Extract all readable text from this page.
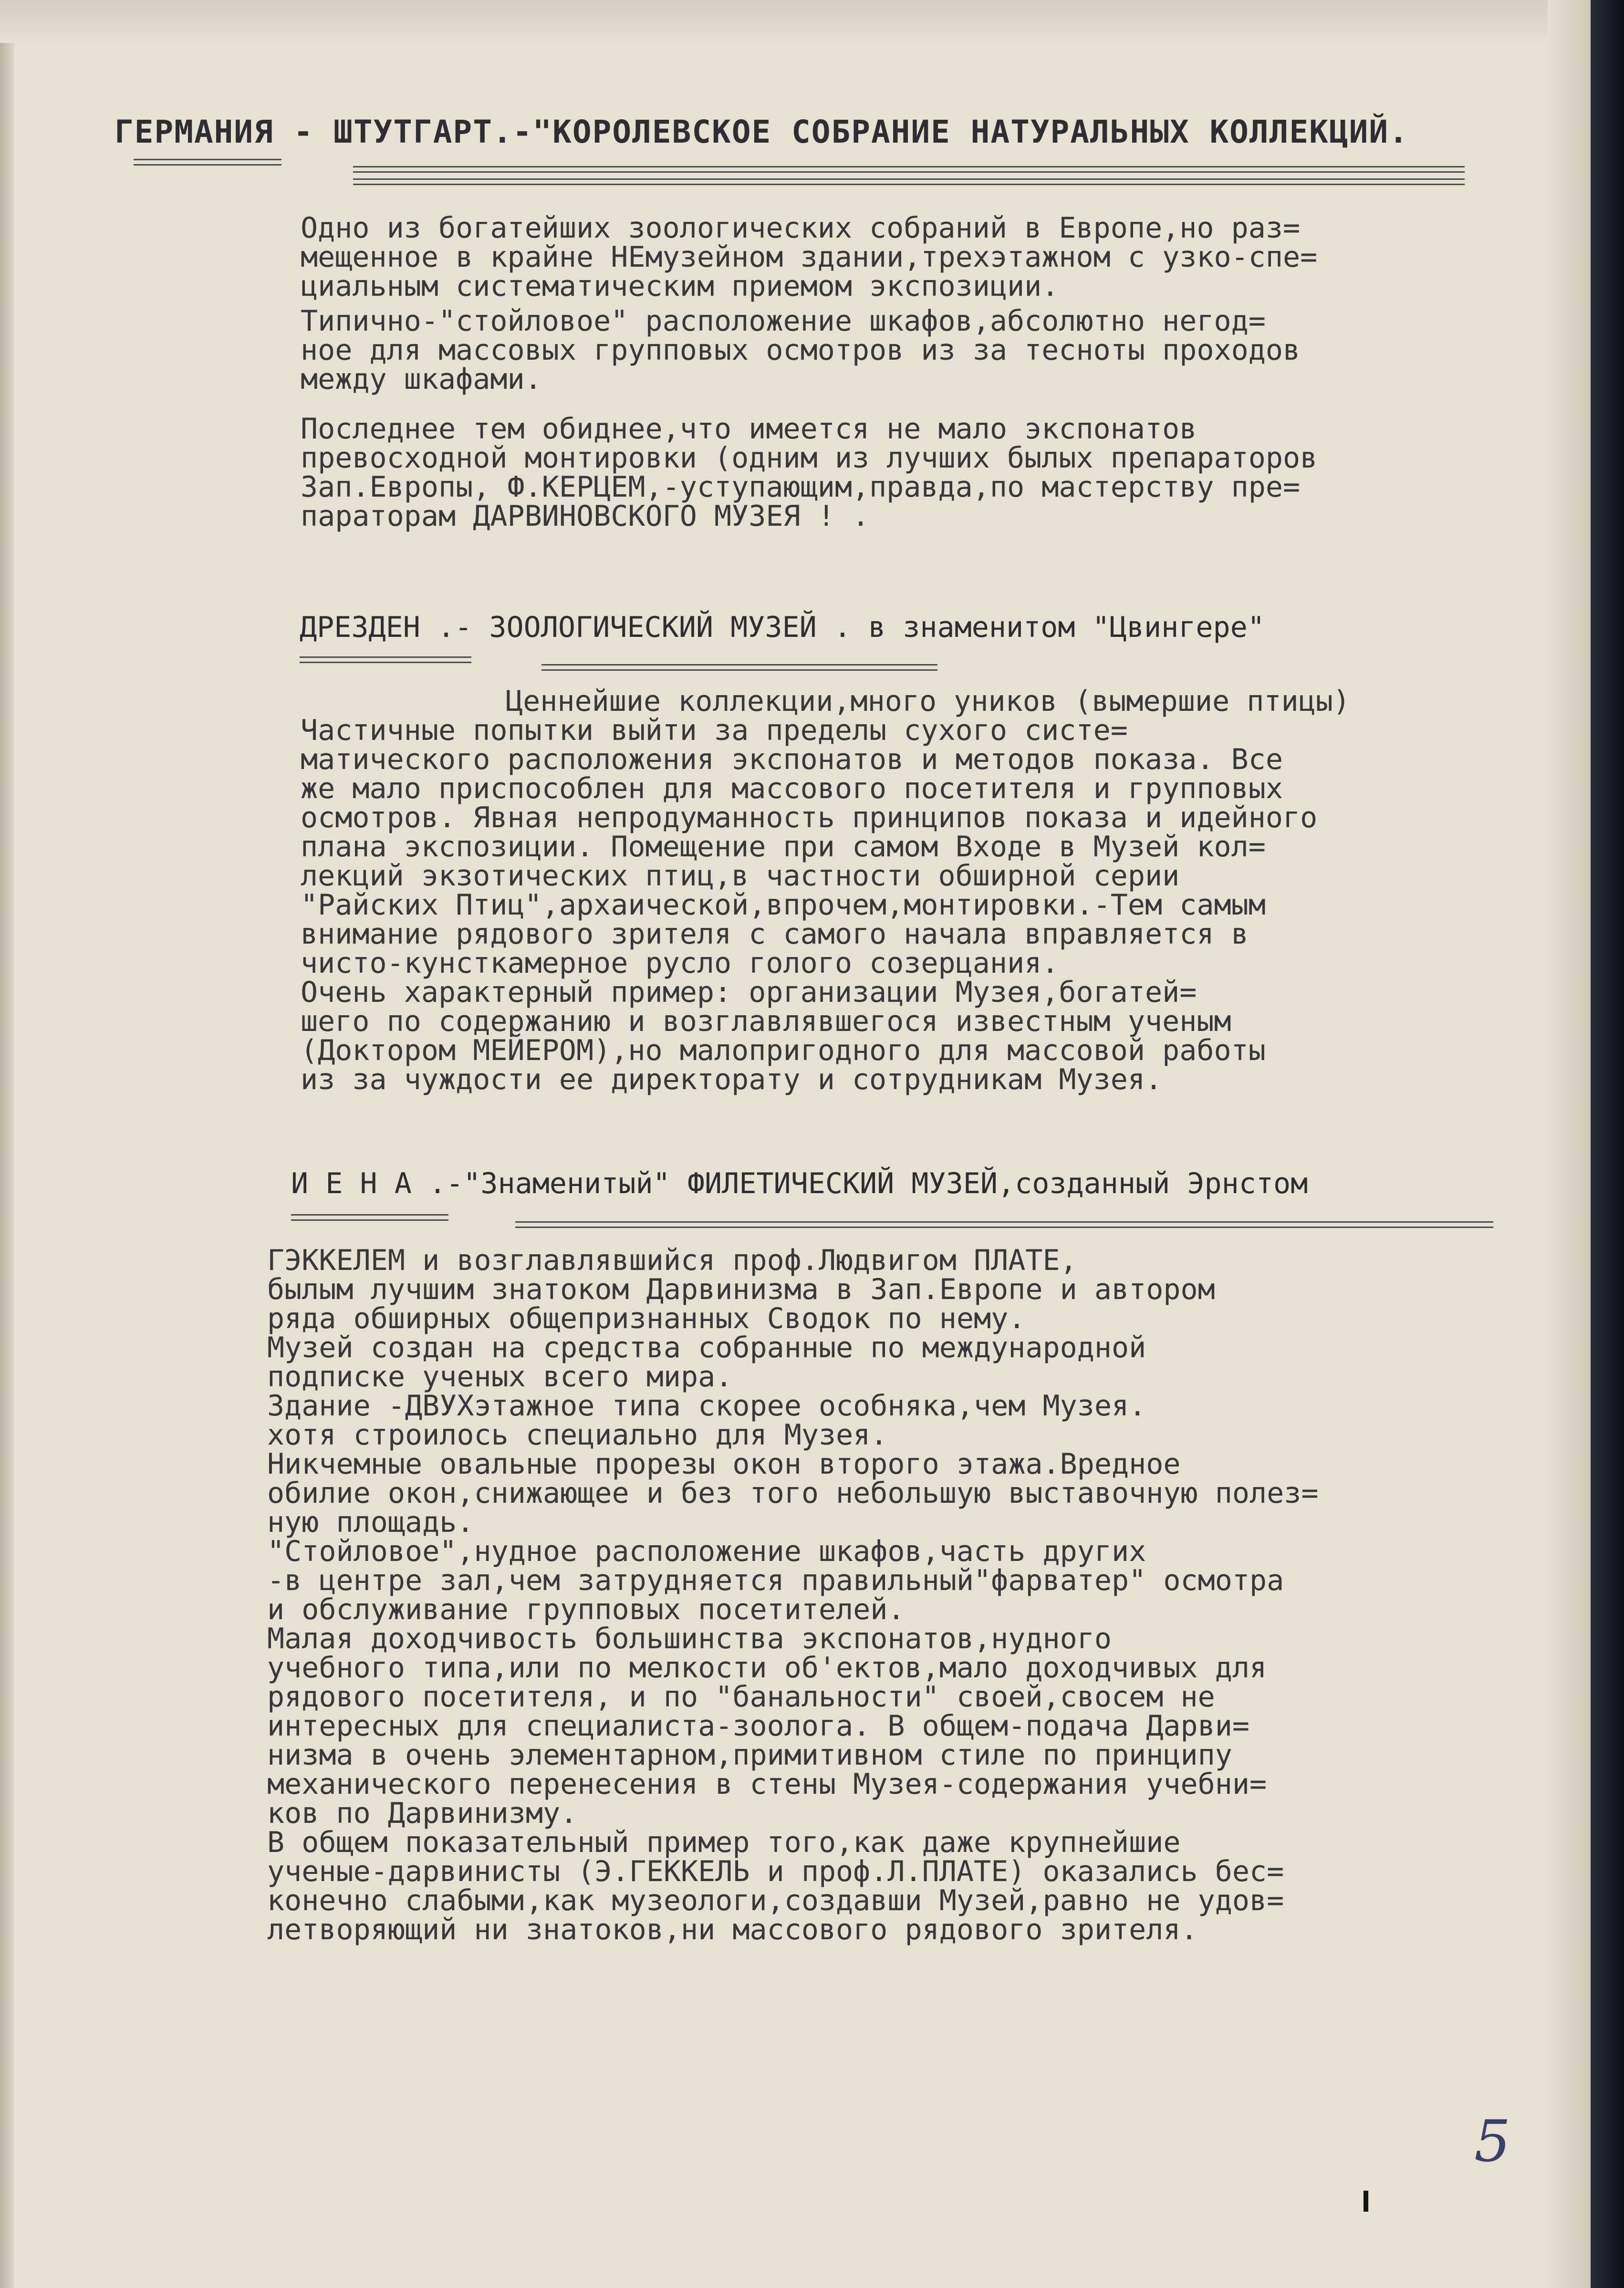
ГЕРМАНИЯ - ШТУТГАРТ.-"КОРОЛЕВСКОЕ СОБРАНИЕ НАТУРАЛЬНЫХ КОЛЛЕКЦИЙ.
Одно из богатейших зоологических собраний в Европе,но раз=
мещенное в крайне НЕмузейном здании,трехэтажном с узко-спе=
циальным систематическим приемом экспозиции.
Типично-"стойловое" расположение шкафов,абсолютно негод=
ное для массовых групповых осмотров из за тесноты проходов
между шкафами.
Последнее тем обиднее,что имеется не мало экспонатов
превосходной монтировки (одним из лучших былых препараторов
Зап.Европы, Ф.КЕРЦЕМ,-уступающим,правда,по мастерству пре=
параторам ДАРВИНОВСКОГО МУЗЕЯ ! .
ДРЕЗДЕН .- ЗООЛОГИЧЕСКИЙ МУЗЕЙ . в знаменитом "Цвингере"
Ценнейшие коллекции,много уников (вымершие птицы)
Частичные попытки выйти за пределы сухого систе=
матического расположения экспонатов и методов показа. Все
же мало приспособлен для массового посетителя и групповых
осмотров. Явная непродуманность принципов показа и идейного
плана экспозиции. Помещение при самом Входе в Музей кол=
лекций экзотических птиц,в частности обширной серии
"Райских Птиц",архаической,впрочем,монтировки.-Тем самым
внимание рядового зрителя с самого начала вправляется в
чисто-кунсткамерное русло голого созерцания.
Очень характерный пример: организации Музея,богатей=
шего по содержанию и возглавлявшегося известным ученым
(Доктором МЕЙЕРОМ),но малопригодного для массовой работы
из за чуждости ее директорату и сотрудникам Музея.
И Е Н А .-"Знаменитый" ФИЛЕТИЧЕСКИЙ МУЗЕЙ,созданный Эрнстом
ГЭККЕЛЕМ и возглавлявшийся проф.Людвигом ПЛАТЕ,
былым лучшим знатоком Дарвинизма в Зап.Европе и автором
ряда обширных общепризнанных Сводок по нему.
Музей создан на средства собранные по международной
подписке ученых всего мира.
Здание -ДВУХэтажное типа скорее особняка,чем Музея.
хотя строилось специально для Музея.
Никчемные овальные прорезы окон второго этажа.Вредное
обилие окон,снижающее и без того небольшую выставочную полез=
ную площадь.
"Стойловое",нудное расположение шкафов,часть других
-в центре зал,чем затрудняется правильный"фарватер" осмотра
и обслуживание групповых посетителей.
Малая доходчивость большинства экспонатов,нудного
учебного типа,или по мелкости об'ектов,мало доходчивых для
рядового посетителя, и по "банальности" своей,свосем не
интересных для специалиста-зоолога. В общем-подача Дарви=
низма в очень элементарном,примитивном стиле по принципу
механического перенесения в стены Музея-содержания учебни=
ков по Дарвинизму.
В общем показательный пример того,как даже крупнейшие
ученые-дарвинисты (Э.ГЕККЕЛЬ и проф.Л.ПЛАТЕ) оказались бес=
конечно слабыми,как музеологи,создавши Музей,равно не удов=
летворяющий ни знатоков,ни массового рядового зрителя.
5
